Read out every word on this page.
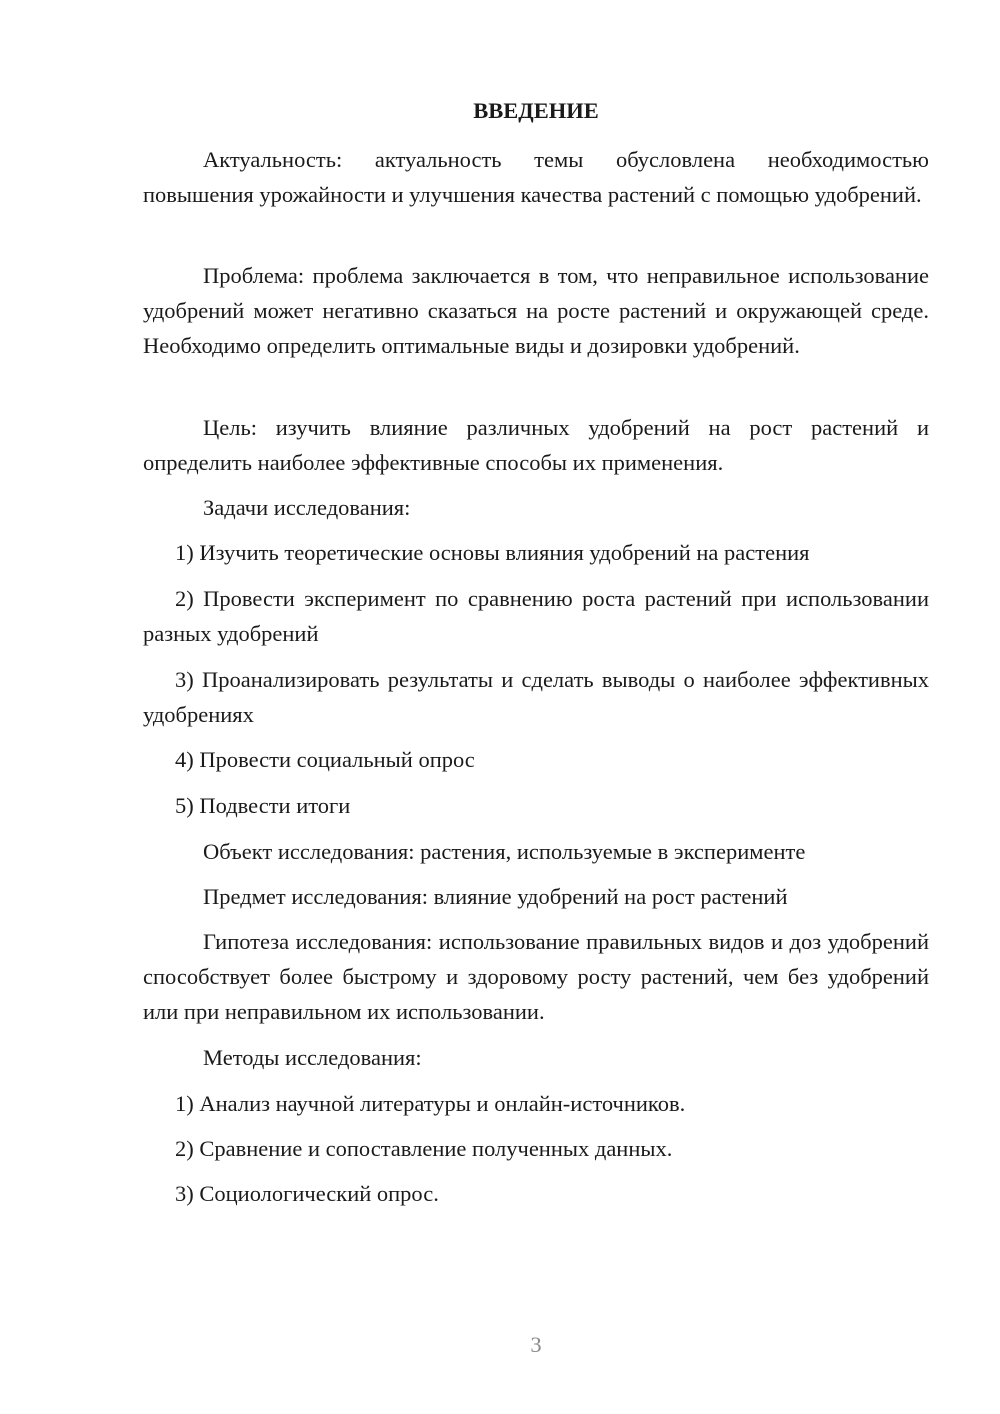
ВВЕДЕНИЕ

Актуальность: актуальность темы обусловлена необходимостью повышения урожайности и улучшения качества растений с помощью удобрений.

Проблема: проблема заключается в том, что неправильное использование удобрений может негативно сказаться на росте растений и окружающей среде. Необходимо определить оптимальные виды и дозировки удобрений.

Цель: изучить влияние различных удобрений на рост растений и определить наиболее эффективные способы их применения.

Задачи исследования:

1) Изучить теоретические основы влияния удобрений на растения

2) Провести эксперимент по сравнению роста растений при использовании разных удобрений

3) Проанализировать результаты и сделать выводы о наиболее эффективных удобрениях

4) Провести социальный опрос

5) Подвести итоги

Объект исследования: растения, используемые в эксперименте

Предмет исследования: влияние удобрений на рост растений

Гипотеза исследования: использование правильных видов и доз удобрений способствует более быстрому и здоровому росту растений, чем без удобрений или при неправильном их использовании.

Методы исследования:

1) Анализ научной литературы и онлайн-источников.

2) Сравнение и сопоставление полученных данных.

3) Социологический опрос.

3
